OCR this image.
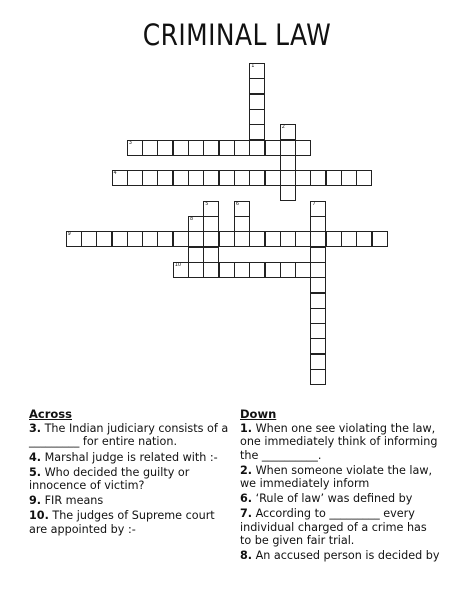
CRIMINAL LAW
1
2
3
4
5	6	7
8
9
10
Across
3. The Indian judiciary consists of a _________ for entire nation.
4. Marshal judge is related with :-
5. Who decided the guilty or innocence of victim?
9. FIR means
10. The judges of Supreme court are appointed by :-
Down
1. When one see violating the law, one immediately think of informing the __________.
2. When someone violate the law, we immediately inform
6. ‘Rule of law’ was defined by
7. According to _________ every individual charged of a crime has to be given fair trial.
8. An accused person is decided by
